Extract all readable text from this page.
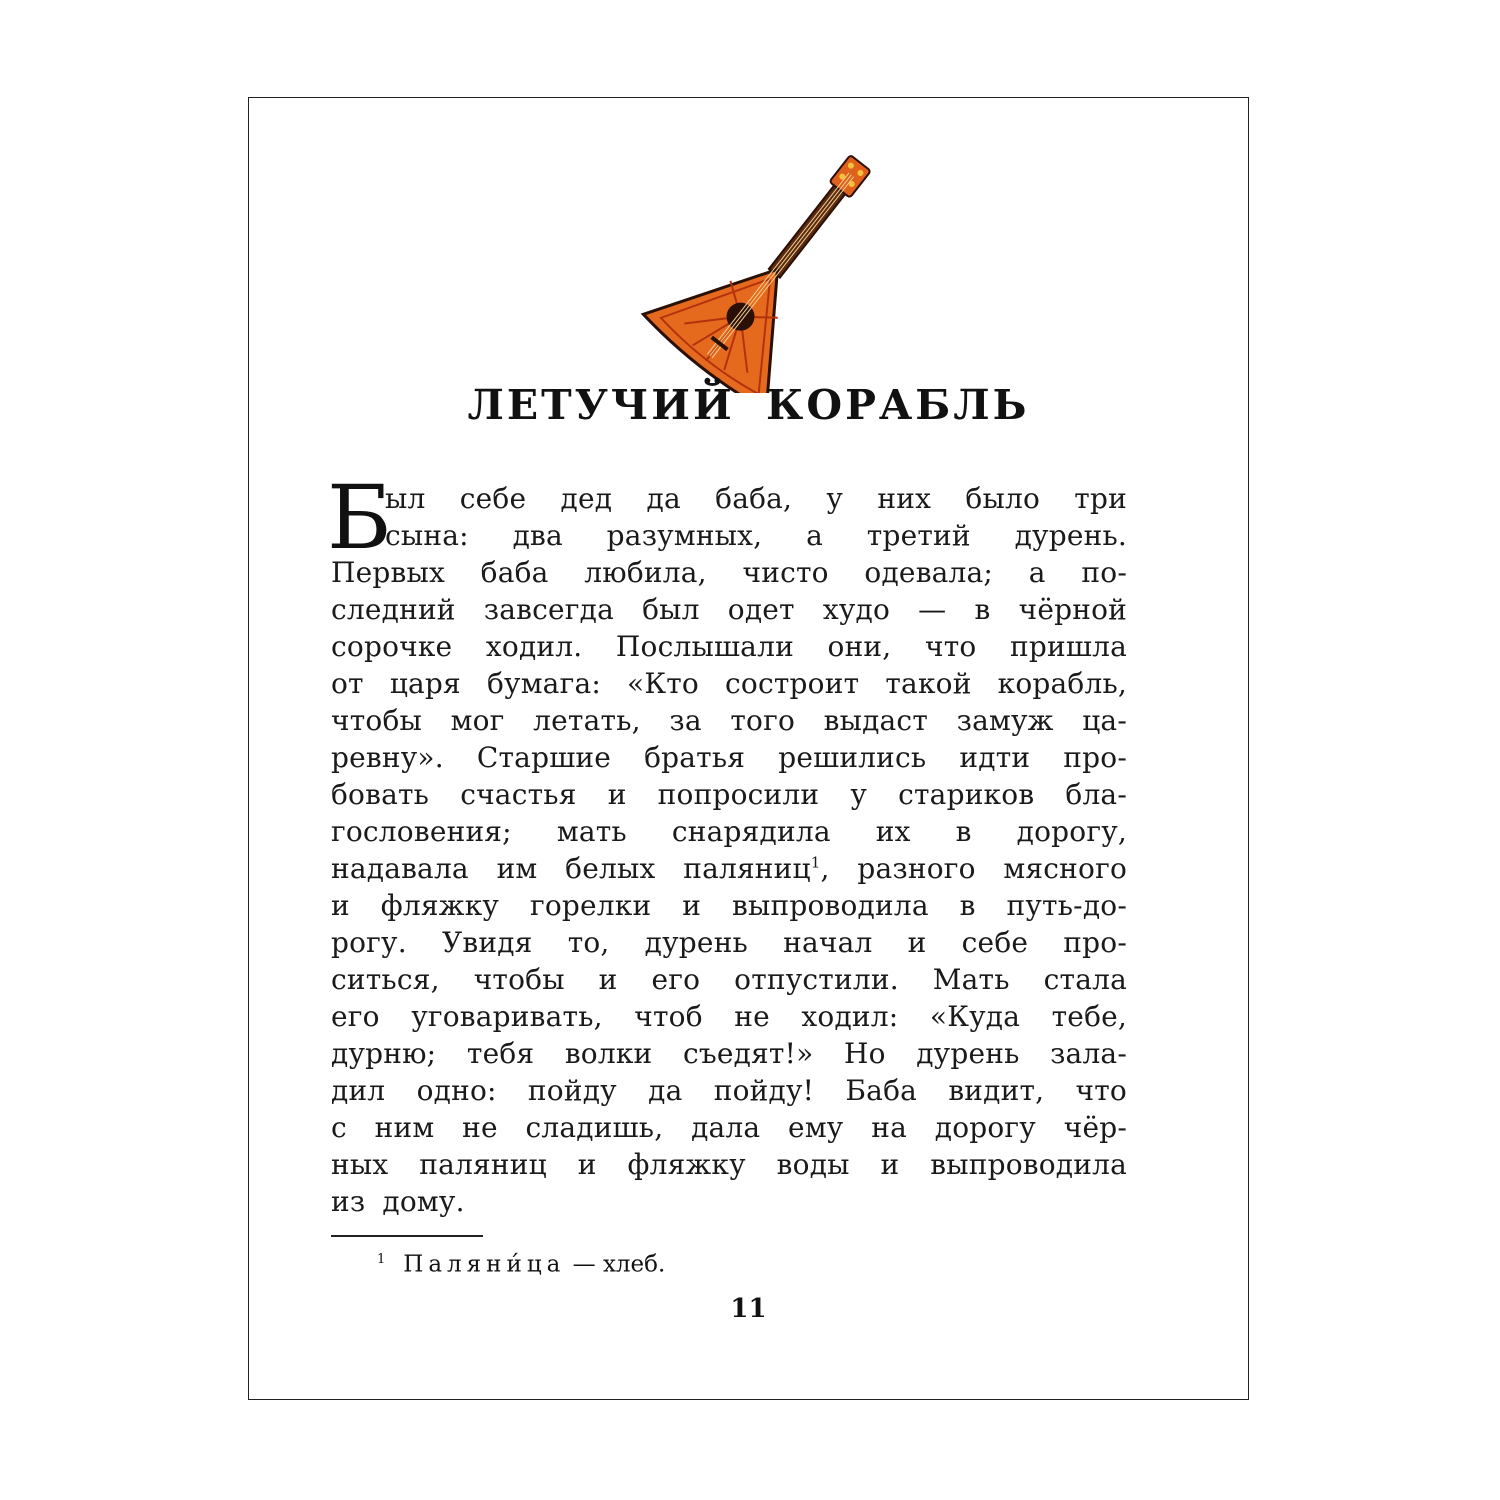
ЛЕТУЧИЙ КОРАБЛЬ
Б
ыл себе дед да баба, у них было три
сына: два разумных, а третий дурень.
Первых баба любила, чисто одевала; а по-
следний завсегда был одет худо — в чёрной
сорочке ходил. Послышали они, что пришла
от царя бумага: «Кто сострoит такой корабль,
чтобы мог летать, за того выдаст замуж ца-
ревну». Старшие братья решились идти про-
бовать счастья и попросили у стариков бла-
гословения; мать снарядила их в дорогу,
надавала им белых паляниц$^1$, разного мясного
и фляжку горелки и выпроводила в путь-до-
рогу. Увидя то, дурень начал и себе про-
ситься, чтобы и его отпустили. Мать стала
его уговаривать, чтоб не ходил: «Куда тебе,
дурню; тебя волки съедят!» Но дурень зала-
дил одно: пойду да пойду! Баба видит, что
с ним не сладишь, дала ему на дорогу чёр-
ных паляниц и фляжку воды и выпроводила
из дому.
$^1$ Паляни́ца — хлеб.
11
